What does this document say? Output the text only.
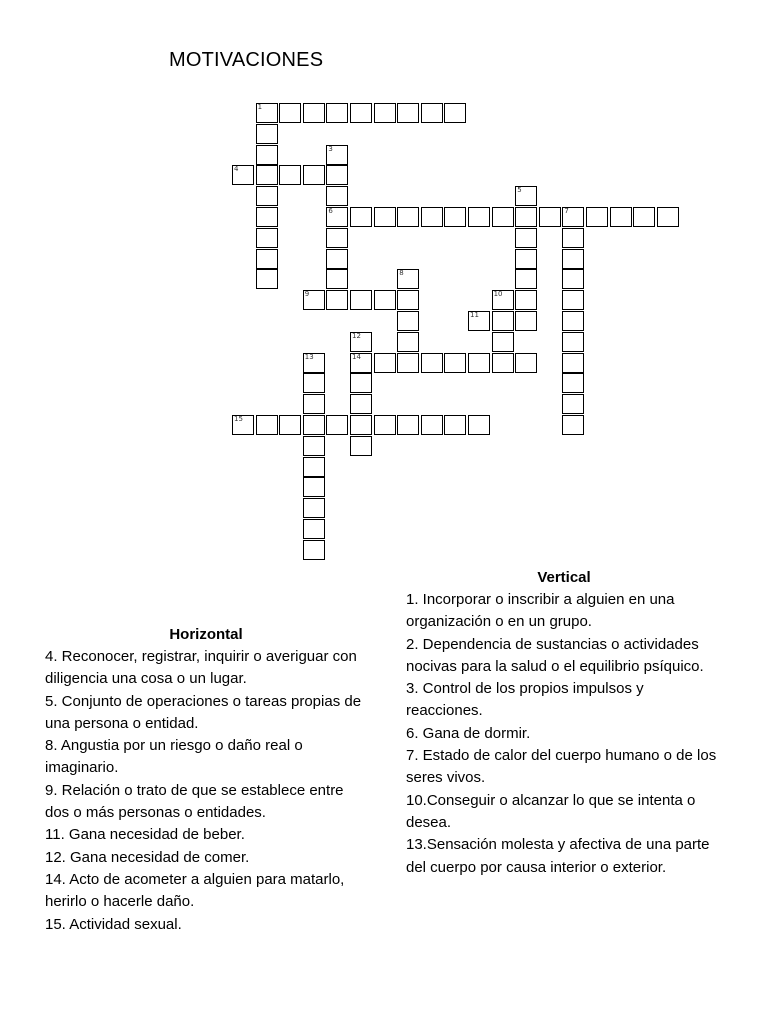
MOTIVACIONES
1
4
6	7
9
11
14
15
3
5
8
10
12
13
Horizontal

4. Reconocer, registrar, inquirir o averiguar con diligencia una cosa o un lugar.

5. Conjunto de operaciones o tareas propias de una persona o entidad.

8. Angustia por un riesgo o daño real o imaginario.

9. Relación o trato de que se establece entre dos o más personas o entidades.

11. Gana necesidad de beber.

12. Gana necesidad de comer.

14. Acto de acometer a alguien para matarlo, herirlo o hacerle daño.

15. Actividad sexual.

Vertical

1. Incorporar o inscribir a alguien en una organización o en un grupo.

2. Dependencia de sustancias o actividades nocivas para la salud o el equilibrio psíquico.

3. Control de los propios impulsos y reacciones.

6. Gana de dormir.

7. Estado de calor del cuerpo humano o de los seres vivos.

10.Conseguir o alcanzar lo que se intenta o desea.

13.Sensación molesta y afectiva de una parte del cuerpo por causa interior o exterior.
